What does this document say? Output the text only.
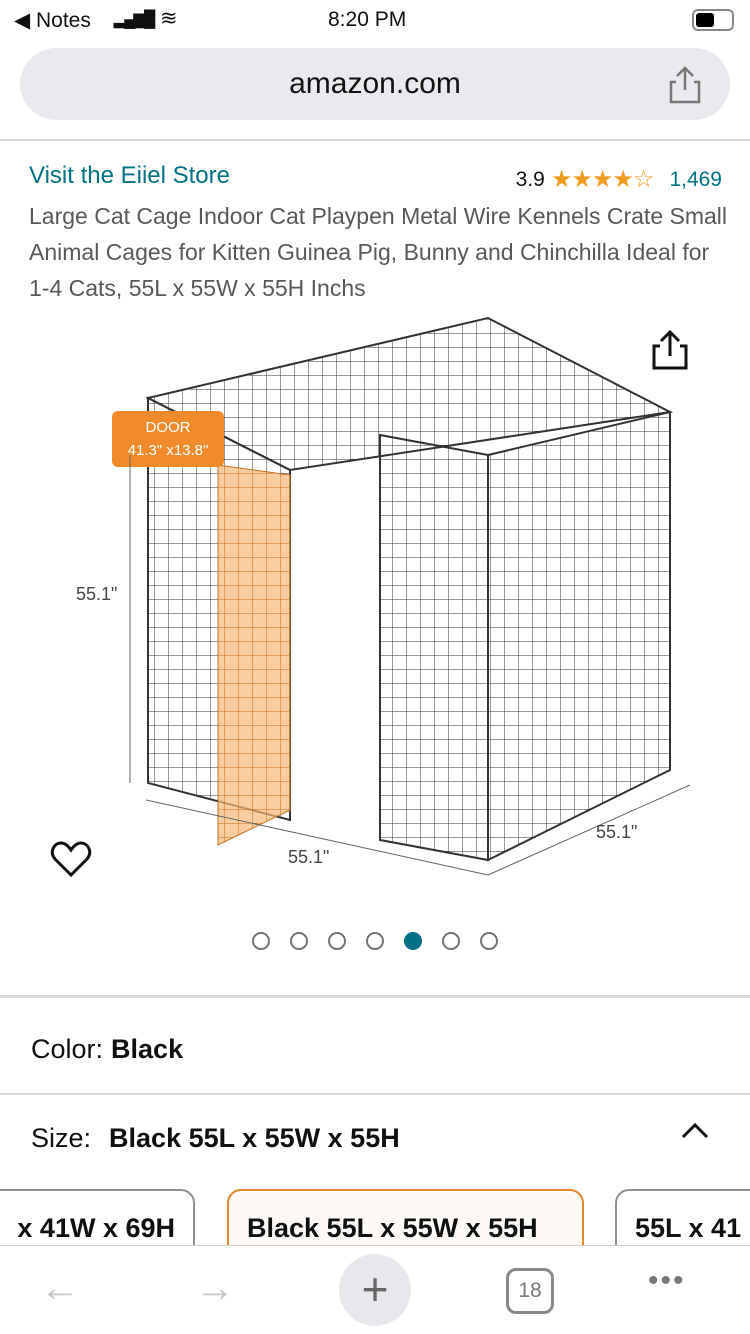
◀ Notes ▂▄▆█ ≋	8:20 PM
amazon.com
Visit the Eiiel Store	3.9 ★★★★☆ 1,469
Large Cat Cage Indoor Cat Playpen Metal Wire Kennels Crate Small Animal Cages for Kitten Guinea Pig, Bunny and Chinchilla Ideal for 1-4 Cats, 55L x 55W x 55H Inchs
DOOR
41.3" x13.8"
55.1"
55.1"
55.1"
Color: Black
Size: Black 55L x 55W x 55H
x 41W x 69H	Black 55L x 55W x 55H	55L x 41
←	→	+	18	•••
